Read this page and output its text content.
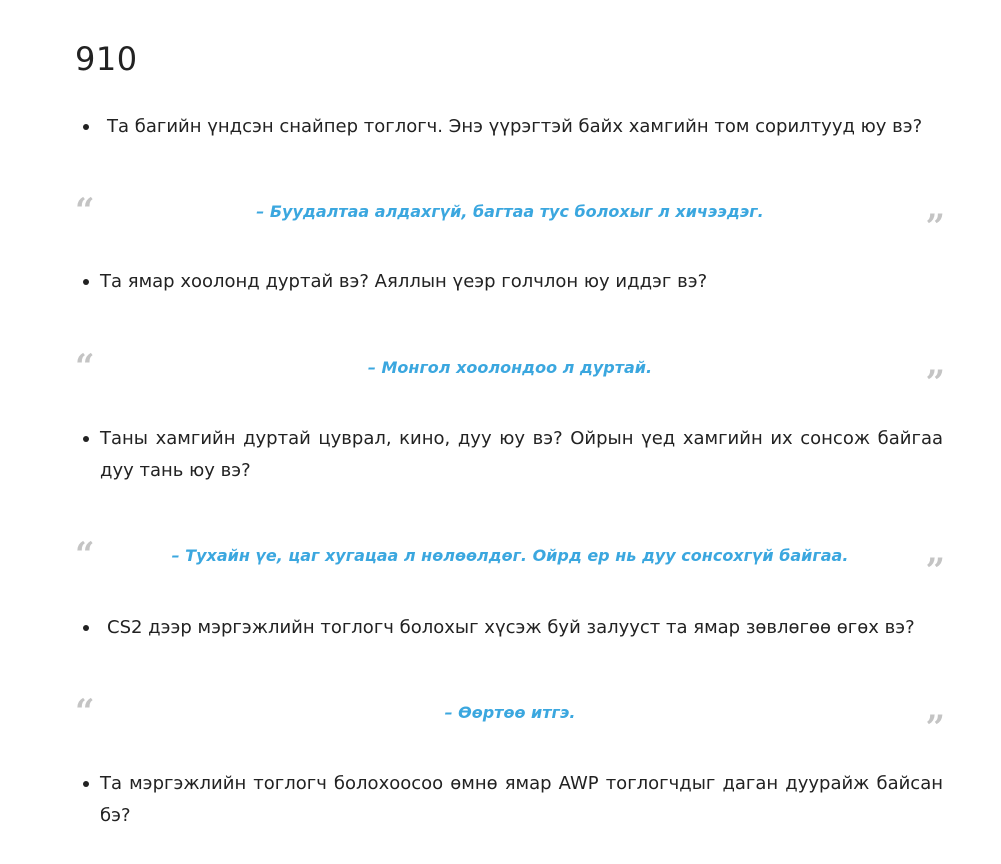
910
Та багийн үндсэн снайпер тоглогч. Энэ үүрэгтэй байх хамгийн том сорилтууд юу вэ?
“	– Буудалтаа алдахгүй, багтаа тус болохыг л хичээдэг.	”
Та ямар хоолонд дуртай вэ? Аяллын үеэр голчлон юу иддэг вэ?
“	– Монгол хоолондоо л дуртай.	”
Таны хамгийн дуртай цуврал, кино, дуу юу вэ? Ойрын үед хамгийн их сонсож байгаа дуу тань юу вэ?
“	– Тухайн үе, цаг хугацаа л нөлөөлдөг. Ойрд ер нь дуу сонсохгүй байгаа.	”
CS2 дээр мэргэжлийн тоглогч болохыг хүсэж буй залууст та ямар зөвлөгөө өгөх вэ?
“	– Өөртөө итгэ.	”
Та мэргэжлийн тоглогч болохоосоо өмнө ямар AWP тоглогчдыг даган дуурайж байсан бэ?
